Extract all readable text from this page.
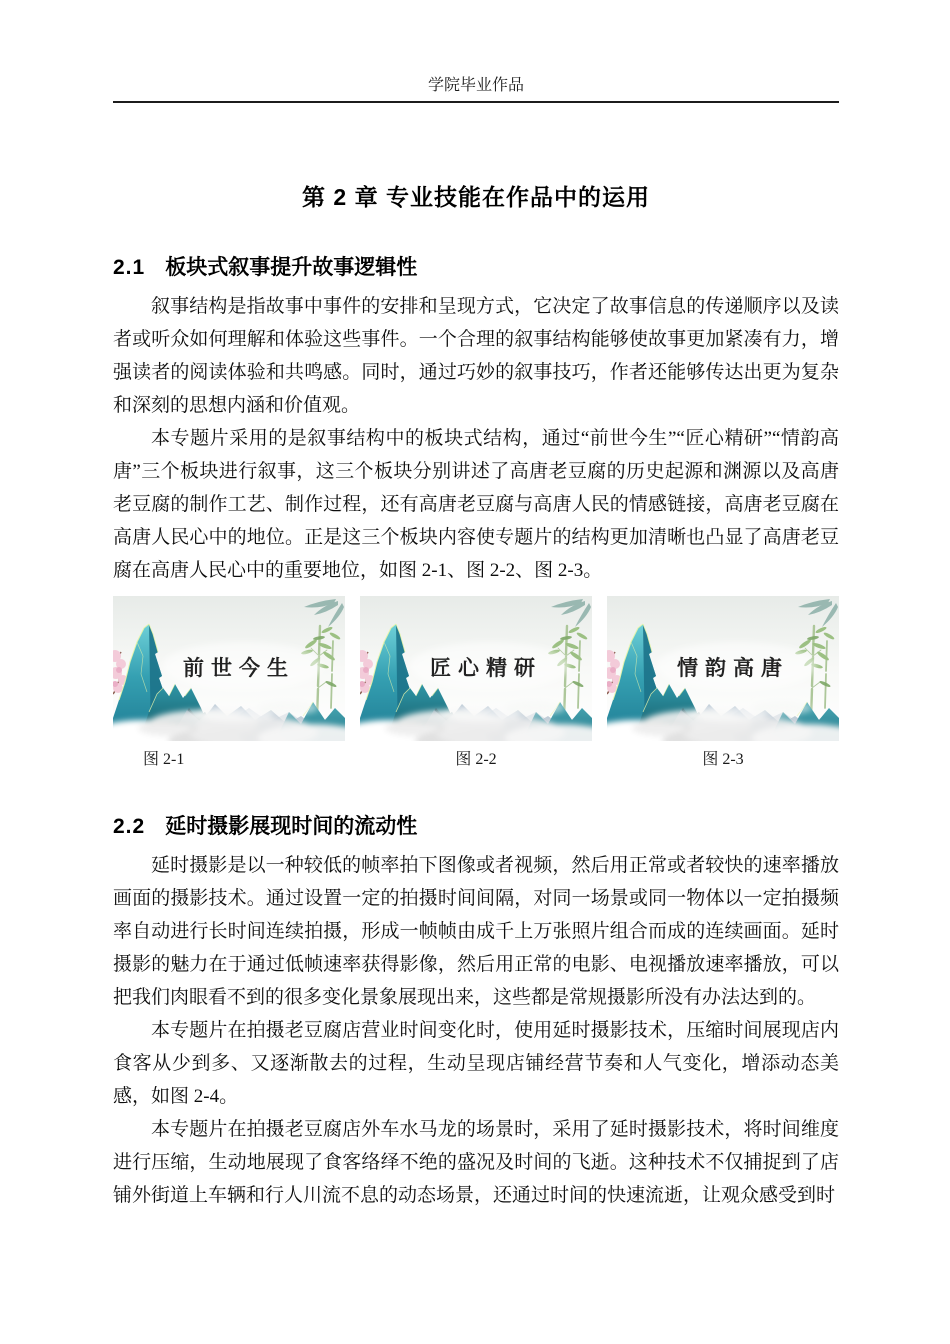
学院毕业作品
第 2 章 专业技能在作品中的运用
2.1 板块式叙事提升故事逻辑性

叙事结构是指故事中事件的安排和呈现方式，它决定了故事信息的传递顺序以及读者或听众如何理解和体验这些事件。一个合理的叙事结构能够使故事更加紧凑有力，增强读者的阅读体验和共鸣感。同时，通过巧妙的叙事技巧，作者还能够传达出更为复杂和深刻的思想内涵和价值观。

本专题片采用的是叙事结构中的板块式结构，通过“前世今生”“匠心精研”“情韵高唐”三个板块进行叙事，这三个板块分别讲述了高唐老豆腐的历史起源和渊源以及高唐老豆腐的制作工艺、制作过程，还有高唐老豆腐与高唐人民的情感链接，高唐老豆腐在高唐人民心中的地位。正是这三个板块内容使专题片的结构更加清晰也凸显了高唐老豆腐在高唐人民心中的重要地位，如图 2-1、图 2-2、图 2-3。

前世今生	匠心精研	情韵高唐
图 2-1	图 2-2	图 2-3
2.2 延时摄影展现时间的流动性

延时摄影是以一种较低的帧率拍下图像或者视频，然后用正常或者较快的速率播放画面的摄影技术。通过设置一定的拍摄时间间隔，对同一场景或同一物体以一定拍摄频率自动进行长时间连续拍摄，形成一帧帧由成千上万张照片组合而成的连续画面。延时摄影的魅力在于通过低帧速率获得影像，然后用正常的电影、电视播放速率播放，可以把我们肉眼看不到的很多变化景象展现出来，这些都是常规摄影所没有办法达到的。

本专题片在拍摄老豆腐店营业时间变化时，使用延时摄影技术，压缩时间展现店内食客从少到多、又逐渐散去的过程，生动呈现店铺经营节奏和人气变化，增添动态美感，如图 2-4。

本专题片在拍摄老豆腐店外车水马龙的场景时，采用了延时摄影技术，将时间维度进行压缩，生动地展现了食客络绎不绝的盛况及时间的飞逝。这种技术不仅捕捉到了店铺外街道上车辆和行人川流不息的动态场景，还通过时间的快速流逝，让观众感受到时
